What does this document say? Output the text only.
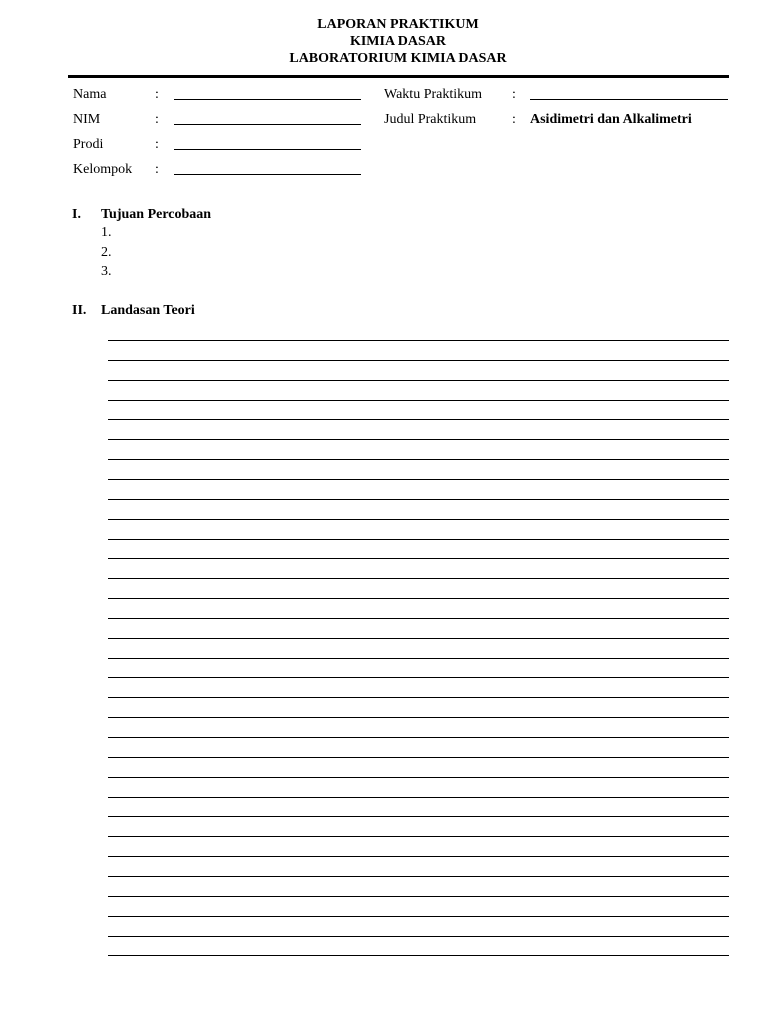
LAPORAN PRAKTIKUM
KIMIA DASAR
LABORATORIUM KIMIA DASAR
Nama	:
NIM	:
Prodi	:
Kelompok :
Waktu Praktikum :
Judul Praktikum	: Asidimetri dan Alkalimetri
I. Tujuan Percobaan
1.
2.
3.
II. Landasan Teori
